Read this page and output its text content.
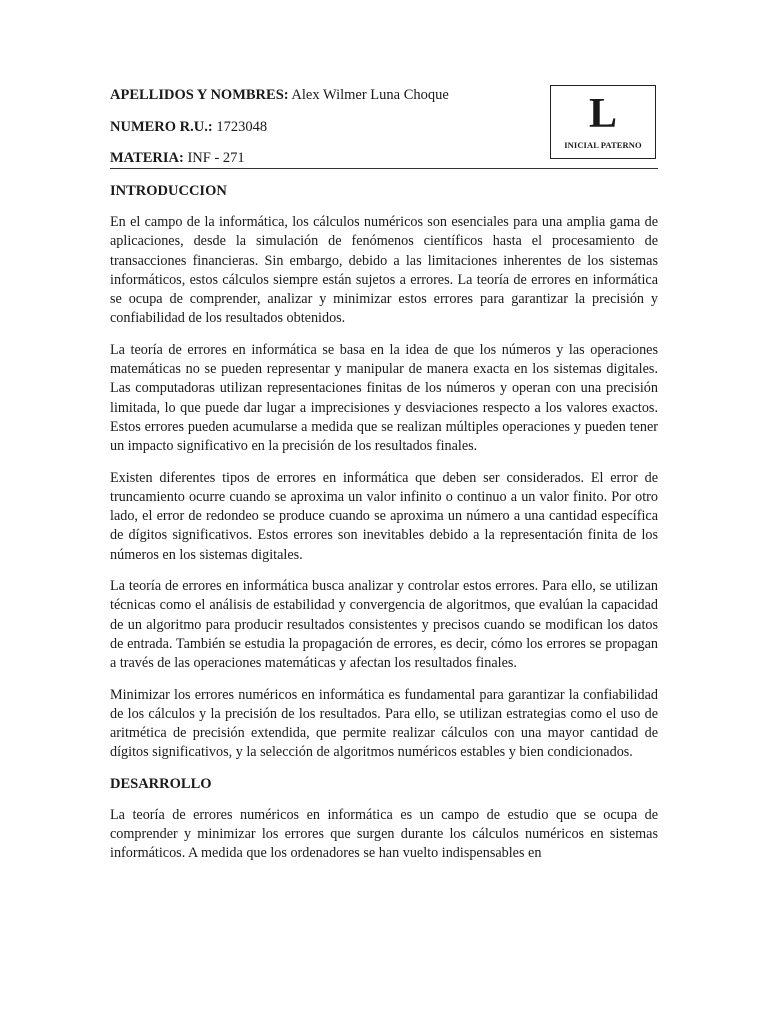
APELLIDOS Y NOMBRES: Alex Wilmer Luna Choque
NUMERO R.U.: 1723048
MATERIA: INF - 271
L
INICIAL PATERNO
INTRODUCCION

En el campo de la informática, los cálculos numéricos son esenciales para una amplia gama de aplicaciones, desde la simulación de fenómenos científicos hasta el procesamiento de transacciones financieras. Sin embargo, debido a las limitaciones inherentes de los sistemas informáticos, estos cálculos siempre están sujetos a errores. La teoría de errores en informática se ocupa de comprender, analizar y minimizar estos errores para garantizar la precisión y confiabilidad de los resultados obtenidos.

La teoría de errores en informática se basa en la idea de que los números y las operaciones matemáticas no se pueden representar y manipular de manera exacta en los sistemas digitales. Las computadoras utilizan representaciones finitas de los números y operan con una precisión limitada, lo que puede dar lugar a imprecisiones y desviaciones respecto a los valores exactos. Estos errores pueden acumularse a medida que se realizan múltiples operaciones y pueden tener un impacto significativo en la precisión de los resultados finales.

Existen diferentes tipos de errores en informática que deben ser considerados. El error de truncamiento ocurre cuando se aproxima un valor infinito o continuo a un valor finito. Por otro lado, el error de redondeo se produce cuando se aproxima un número a una cantidad específica de dígitos significativos. Estos errores son inevitables debido a la representación finita de los números en los sistemas digitales.

La teoría de errores en informática busca analizar y controlar estos errores. Para ello, se utilizan técnicas como el análisis de estabilidad y convergencia de algoritmos, que evalúan la capacidad de un algoritmo para producir resultados consistentes y precisos cuando se modifican los datos de entrada. También se estudia la propagación de errores, es decir, cómo los errores se propagan a través de las operaciones matemáticas y afectan los resultados finales.

Minimizar los errores numéricos en informática es fundamental para garantizar la confiabilidad de los cálculos y la precisión de los resultados. Para ello, se utilizan estrategias como el uso de aritmética de precisión extendida, que permite realizar cálculos con una mayor cantidad de dígitos significativos, y la selección de algoritmos numéricos estables y bien condicionados.

DESARROLLO

La teoría de errores numéricos en informática es un campo de estudio que se ocupa de comprender y minimizar los errores que surgen durante los cálculos numéricos en sistemas informáticos. A medida que los ordenadores se han vuelto indispensables en
